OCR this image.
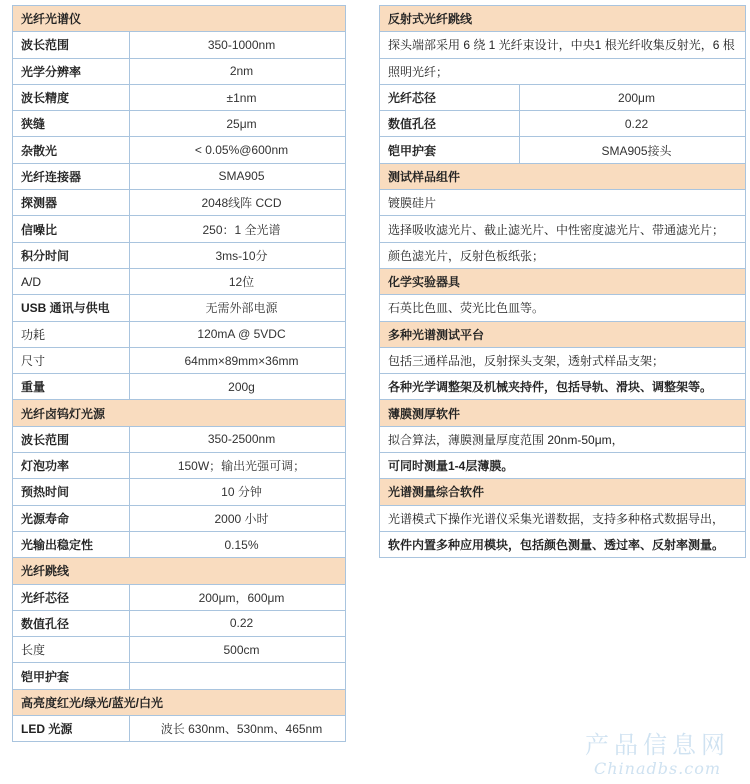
光纤光谱仪	
波长范围	350-1000nm
光学分辨率	2nm
波长精度	±1nm
狭缝	25μm
杂散光	< 0.05%@600nm
光纤连接器	SMA905
探测器	2048线阵 CCD
信噪比	250：1 全光谱
积分时间	3ms-10分
A/D	12位
USB 通讯与供电	无需外部电源
功耗	120mA @ 5VDC
尺寸	64mm×89mm×36mm
重量	200g
光纤卤钨灯光源	
波长范围	350-2500nm
灯泡功率	150W；输出光强可调；
预热时间	10 分钟
光源寿命	2000 小时
光输出稳定性	0.15%
光纤跳线	
光纤芯径	200μm，600μm
数值孔径	0.22
长度	500cm
铠甲护套	
高亮度红光/绿光/蓝光/白光	
LED 光源	波长 630nm、530nm、465nm
反射式光纤跳线	
探头端部采用 6 绕 1 光纤束设计，中央1 根光纤收集反射光，6 根	
照明光纤；	
光纤芯径	200μm
数值孔径	0.22
铠甲护套	SMA905接头
测试样品组件	
镀膜硅片	
选择吸收滤光片、截止滤光片、中性密度滤光片、带通滤光片；	
颜色滤光片，反射色板纸张；	
化学实验器具	
石英比色皿、荧光比色皿等。	
多种光谱测试平台	
包括三通样品池，反射探头支架，透射式样品支架；	
各种光学调整架及机械夹持件，包括导轨、滑块、调整架等。	
薄膜测厚软件	
拟合算法，薄膜测量厚度范围 20nm-50μm，	
可同时测量1-4层薄膜。	
光谱测量综合软件	
光谱模式下操作光谱仪采集光谱数据，支持多种格式数据导出，	
软件内置多种应用模块，包括颜色测量、透过率、反射率测量。	
产品信息网
Chinadbs.com
